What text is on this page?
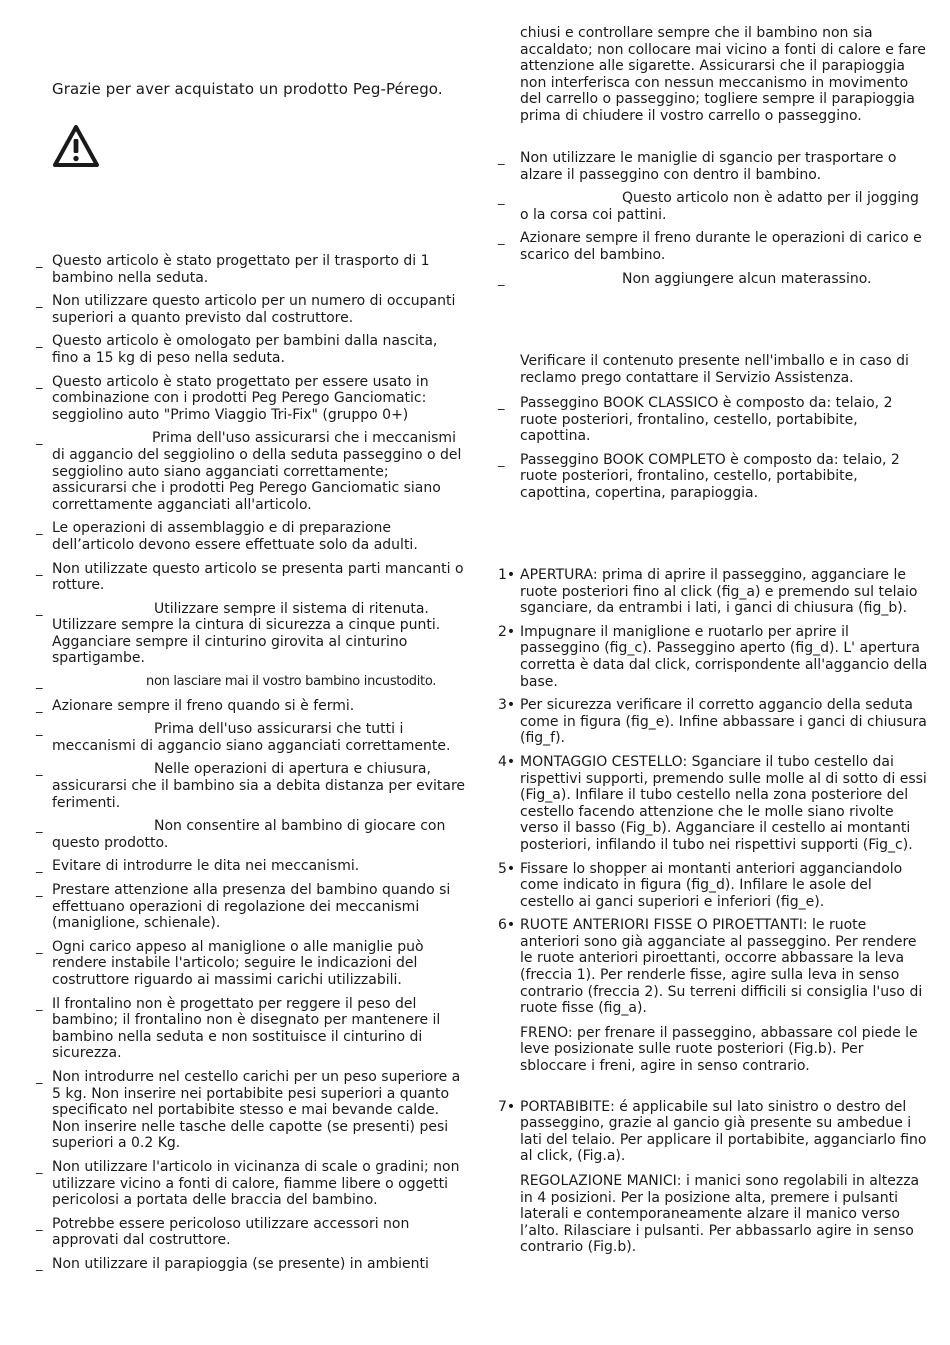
Grazie per aver acquistato un prodotto Peg-Pérego.

_ Questo articolo è stato progettato per il trasporto di 1 bambino nella seduta.
_ Non utilizzare questo articolo per un numero di occupanti superiori a quanto previsto dal costruttore.
_ Questo articolo è omologato per bambini dalla nascita, fino a 15 kg di peso nella seduta.
_ Questo articolo è stato progettato per essere usato in combinazione con i prodotti Peg Perego Ganciomatic: seggiolino auto "Primo Viaggio Tri-Fix" (gruppo 0+)
_	Prima dell'uso assicurarsi che i meccanismi di aggancio del seggiolino o della seduta passeggino o del seggiolino auto siano agganciati correttamente; assicurarsi che i prodotti Peg Perego Ganciomatic siano correttamente agganciati all'articolo.
_ Le operazioni di assemblaggio e di preparazione dell’articolo devono essere effettuate solo da adulti.
_ Non utilizzate questo articolo se presenta parti mancanti o rotture.
_	Utilizzare sempre il sistema di ritenuta. Utilizzare sempre la cintura di sicurezza a cinque punti. Agganciare sempre il cinturino girovita al cinturino spartigambe.
_	non lasciare mai il vostro bambino incustodito.
_ Azionare sempre il freno quando si è fermi.
_	Prima dell'uso assicurarsi che tutti i meccanismi di aggancio siano agganciati correttamente.
_	Nelle operazioni di apertura e chiusura, assicurarsi che il bambino sia a debita distanza per evitare ferimenti.
_	Non consentire al bambino di giocare con questo prodotto.
_ Evitare di introdurre le dita nei meccanismi.
_ Prestare attenzione alla presenza del bambino quando si effettuano operazioni di regolazione dei meccanismi (maniglione, schienale).
_ Ogni carico appeso al maniglione o alle maniglie può rendere instabile l'articolo; seguire le indicazioni del costruttore riguardo ai massimi carichi utilizzabili.
_ Il frontalino non è progettato per reggere il peso del bambino; il frontalino non è disegnato per mantenere il bambino nella seduta e non sostituisce il cinturino di sicurezza.
_ Non introdurre nel cestello carichi per un peso superiore a 5 kg. Non inserire nei portabibite pesi superiori a quanto specificato nel portabibite stesso e mai bevande calde. Non inserire nelle tasche delle capotte (se presenti) pesi superiori a 0.2 Kg.
_ Non utilizzare l'articolo in vicinanza di scale o gradini; non utilizzare vicino a fonti di calore, fiamme libere o oggetti pericolosi a portata delle braccia del bambino.
_ Potrebbe essere pericoloso utilizzare accessori non approvati dal costruttore.
_ Non utilizzare il parapioggia (se presente) in ambienti

chiusi e controllare sempre che il bambino non sia accaldato; non collocare mai vicino a fonti di calore e fare attenzione alle sigarette. Assicurarsi che il parapioggia non interferisca con nessun meccanismo in movimento del carrello o passeggino; togliere sempre il parapioggia prima di chiudere il vostro carrello o passeggino.

_ Non utilizzare le maniglie di sgancio per trasportare o alzare il passeggino con dentro il bambino.
_	Questo articolo non è adatto per il jogging o la corsa coi pattini.
_ Azionare sempre il freno durante le operazioni di carico e scarico del bambino.
_	Non aggiungere alcun materassino.

Verificare il contenuto presente nell'imballo e in caso di reclamo prego contattare il Servizio Assistenza.

_ Passeggino BOOK CLASSICO è composto da: telaio, 2 ruote posteriori, frontalino, cestello, portabibite, capottina.
_ Passeggino BOOK COMPLETO è composto da: telaio, 2 ruote posteriori, frontalino, cestello, portabibite, capottina, copertina, parapioggia.
1• APERTURA: prima di aprire il passeggino, agganciare le ruote posteriori fino al click (fig_a) e premendo sul telaio sganciare, da entrambi i lati, i ganci di chiusura (fig_b).

2• Impugnare il maniglione e ruotarlo per aprire il passeggino (fig_c). Passeggino aperto (fig_d). L' apertura corretta è data dal click, corrispondente all'aggancio della base.

3• Per sicurezza verificare il corretto aggancio della seduta come in figura (fig_e). Infine abbassare i ganci di chiusura (fig_f).

4• MONTAGGIO CESTELLO: Sganciare il tubo cestello dai rispettivi supporti, premendo sulle molle al di sotto di essi (Fig_a). Infilare il tubo cestello nella zona posteriore del cestello facendo attenzione che le molle siano rivolte verso il basso (Fig_b). Agganciare il cestello ai montanti posteriori, infilando il tubo nei rispettivi supporti (Fig_c).

5• Fissare lo shopper ai montanti anteriori agganciandolo come indicato in figura (fig_d). Infilare le asole del cestello ai ganci superiori e inferiori (fig_e).

6• RUOTE ANTERIORI FISSE O PIROETTANTI: le ruote anteriori sono già agganciate al passeggino. Per rendere le ruote anteriori piroettanti, occorre abbassare la leva (freccia 1). Per renderle fisse, agire sulla leva in senso contrario (freccia 2). Su terreni difficili si consiglia l'uso di ruote fisse (fig_a).

FRENO: per frenare il passeggino, abbassare col piede le leve posizionate sulle ruote posteriori (Fig.b). Per sbloccare i freni, agire in senso contrario.

7• PORTABIBITE: é applicabile sul lato sinistro o destro del passeggino, grazie al gancio già presente su ambedue i lati del telaio. Per applicare il portabibite, agganciarlo fino al click, (Fig.a).

REGOLAZIONE MANICI: i manici sono regolabili in altezza in 4 posizioni. Per la posizione alta, premere i pulsanti laterali e contemporaneamente alzare il manico verso l’alto. Rilasciare i pulsanti. Per abbassarlo agire in senso contrario (Fig.b).
